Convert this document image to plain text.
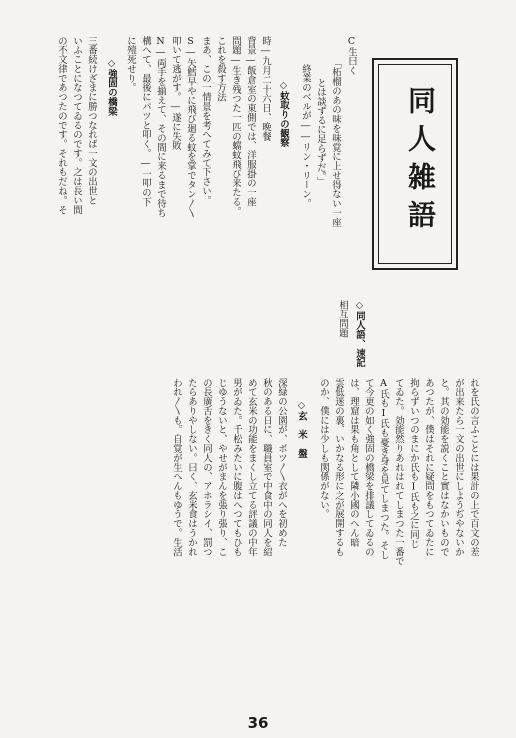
同人雑語
C生曰く
「柘榴のあの味を味覚に上せ得ない一座
とは談ずるに足らずだ。」
終業のベルが――リン・リーン。
◇蚊取りの観察
時―九月二十六日、晩餐
背景―飯倉室の東側では、洋服掛の一座
問題―生き残つた一匹の蟷蚊飛び来たる。
これを殺す方法
まあ、この一情景を考へてみて下さい。
S―矢鱈早やに飛び廻る蚊を掌でタン〳〵
叩いて逃がす。―遂に失敗
N―両手を揃えて、その間に来るまで待ち
構へて、最後にパツと叩く。―一叩の下
に殪死せり。
◇強固の橋梁
三番続けざまに勝つなれば一文の出世と
いふことになつてゐるのです。之は長い間
の不文律であつたのです。それもだね。そ
れを氏の言ふことには果計の上で百文の差
が出来たら一文の出世にしようぢやないか
と。其の効能を説くこと實はなかいもので
あつたが、僕はそれに疑問をもつてゐたに
拘らずいつのまにか氏もI氏も之に同じ
てゐた。効能然りあれはれてしまつた一番で
A氏もI氏も憂き身を見てしまつた。そし
て今更の如く強固の橋梁を排議してゐるの
は、理窟は果も角として隣小國のへん暗
雲低迷の裏、いかなる形に之が展開するも
のか、僕には少しも関係がない。
◇玄　米　盤
深緑の公園が、ボツ〳〵衣がへを初めた
秋のある日に、職員室で中食中の同人を紹
めて玄米の功能をまくし立てる評議の中年
男がゐた。千松みたいに腹はへつてもひも
じゆうないと、やせがまんを張り張り、こ
の長廣舌をきく同人の、アホラシイ、罰つ
たらありやしない。曰く、玄米食はうかれ
われ〳〵も。自覚が生へんもゆうで。生活
36
◇同人語、速記
相互問題
